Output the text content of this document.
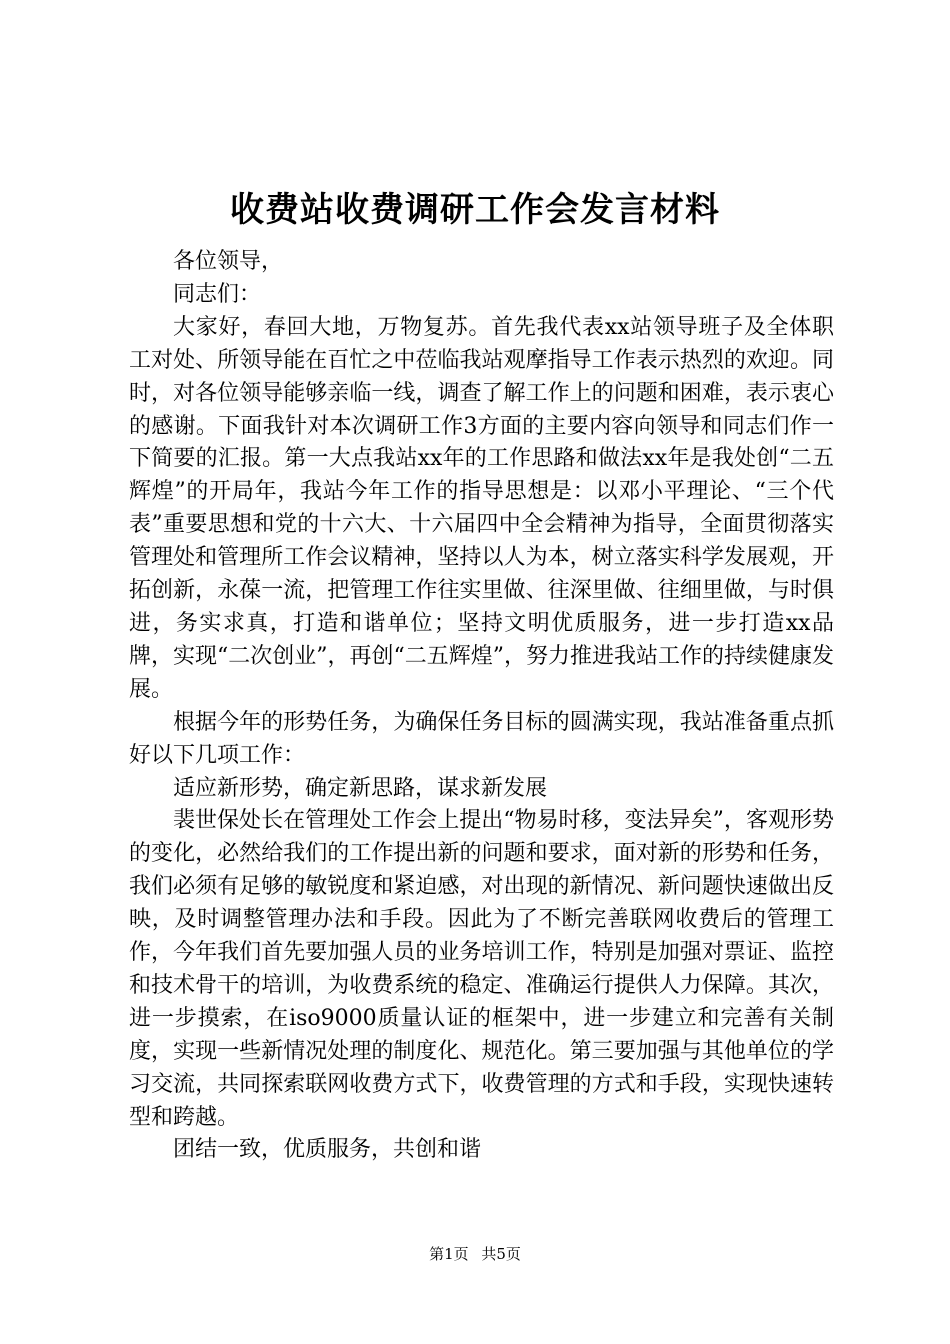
收费站收费调研工作会发言材料

各位领导，

同志们：

大家好，春回大地，万物复苏。首先我代表xx站领导班子及全体职工对处、所领导能在百忙之中莅临我站观摩指导工作表示热烈的欢迎。同时，对各位领导能够亲临一线，调查了解工作上的问题和困难，表示衷心的感谢。下面我针对本次调研工作3方面的主要内容向领导和同志们作一下简要的汇报。第一大点我站xx年的工作思路和做法xx年是我处创“二五辉煌”的开局年，我站今年工作的指导思想是：以邓小平理论、“三个代表”重要思想和党的十六大、十六届四中全会精神为指导，全面贯彻落实管理处和管理所工作会议精神，坚持以人为本，树立落实科学发展观，开拓创新，永葆一流，把管理工作往实里做、往深里做、往细里做，与时俱进，务实求真，打造和谐单位；坚持文明优质服务，进一步打造xx品牌，实现“二次创业”，再创“二五辉煌”，努力推进我站工作的持续健康发展。

根据今年的形势任务，为确保任务目标的圆满实现，我站准备重点抓好以下几项工作：

适应新形势，确定新思路，谋求新发展

裴世保处长在管理处工作会上提出“物易时移，变法异矣”，客观形势的变化，必然给我们的工作提出新的问题和要求，面对新的形势和任务，我们必须有足够的敏锐度和紧迫感，对出现的新情况、新问题快速做出反映，及时调整管理办法和手段。因此为了不断完善联网收费后的管理工作，今年我们首先要加强人员的业务培训工作，特别是加强对票证、监控和技术骨干的培训，为收费系统的稳定、准确运行提供人力保障。其次，进一步摸索，在iso9000质量认证的框架中，进一步建立和完善有关制度，实现一些新情况处理的制度化、规范化。第三要加强与其他单位的学习交流，共同探索联网收费方式下，收费管理的方式和手段，实现快速转型和跨越。

团结一致，优质服务，共创和谐

第1页 共5页
